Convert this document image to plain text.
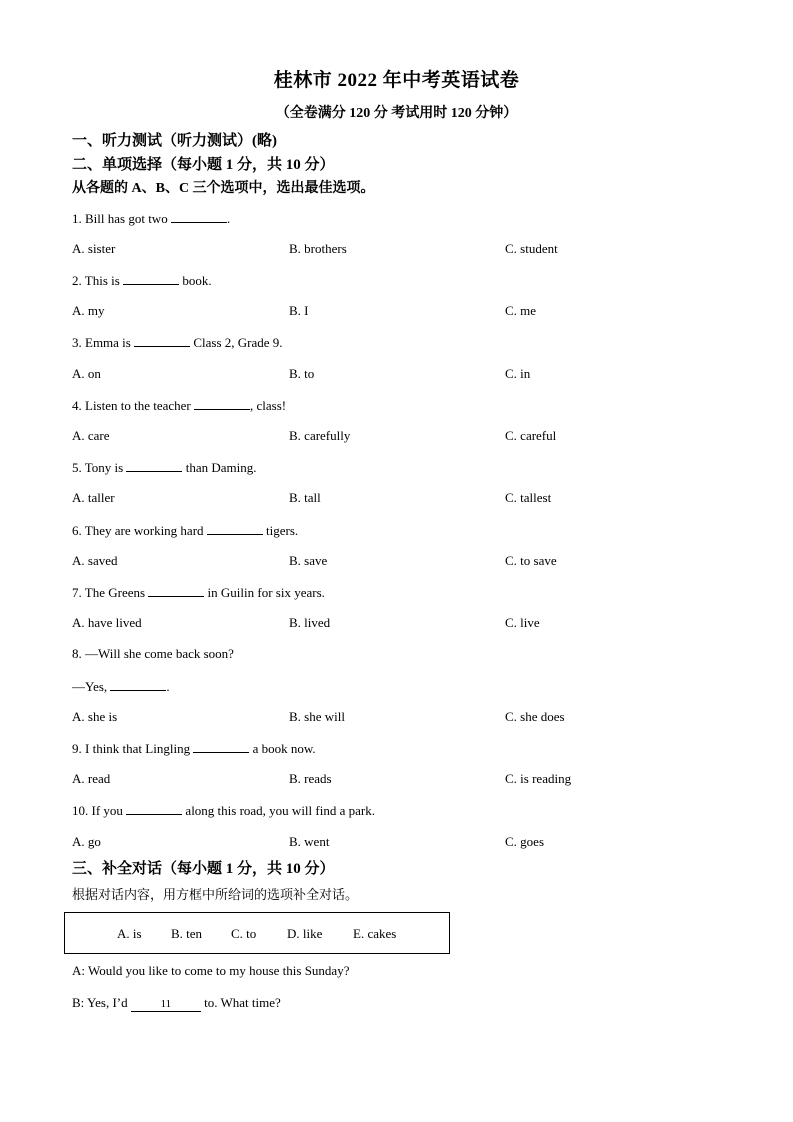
桂林市 2022 年中考英语试卷
（全卷满分 120 分 考试用时 120 分钟）
一、听力测试（听力测试）(略)
二、单项选择（每小题 1 分，共 10 分）
从各题的 A、B、C 三个选项中，选出最佳选项。
1. Bill has got two	.
A. sister	B. brothers	C. student
2. This is	book.
A. my	B. I	C. me
3. Emma is	Class 2, Grade 9.
A. on	B. to	C. in
4. Listen to the teacher	, class!
A. care	B. carefully	C. careful
5. Tony is	than Daming.
A. taller	B. tall	C. tallest
6. They are working hard	tigers.
A. saved	B. save	C. to save
7. The Greens	in Guilin for six years.
A. have lived	B. lived	C. live
8. —Will she come back soon?
—Yes,	.
A. she is	B. she will	C. she does
9. I think that Lingling	a book now.
A. read	B. reads	C. is reading
10. If you	along this road, you will find a park.
A. go	B. went	C. goes
三、补全对话（每小题 1 分，共 10 分）
根据对话内容，用方框中所给词的选项补全对话。
A. is B. ten C. to D. like E. cakes
A: Would you like to come to my house this Sunday?
B: Yes, I’d	11 to. What time?
